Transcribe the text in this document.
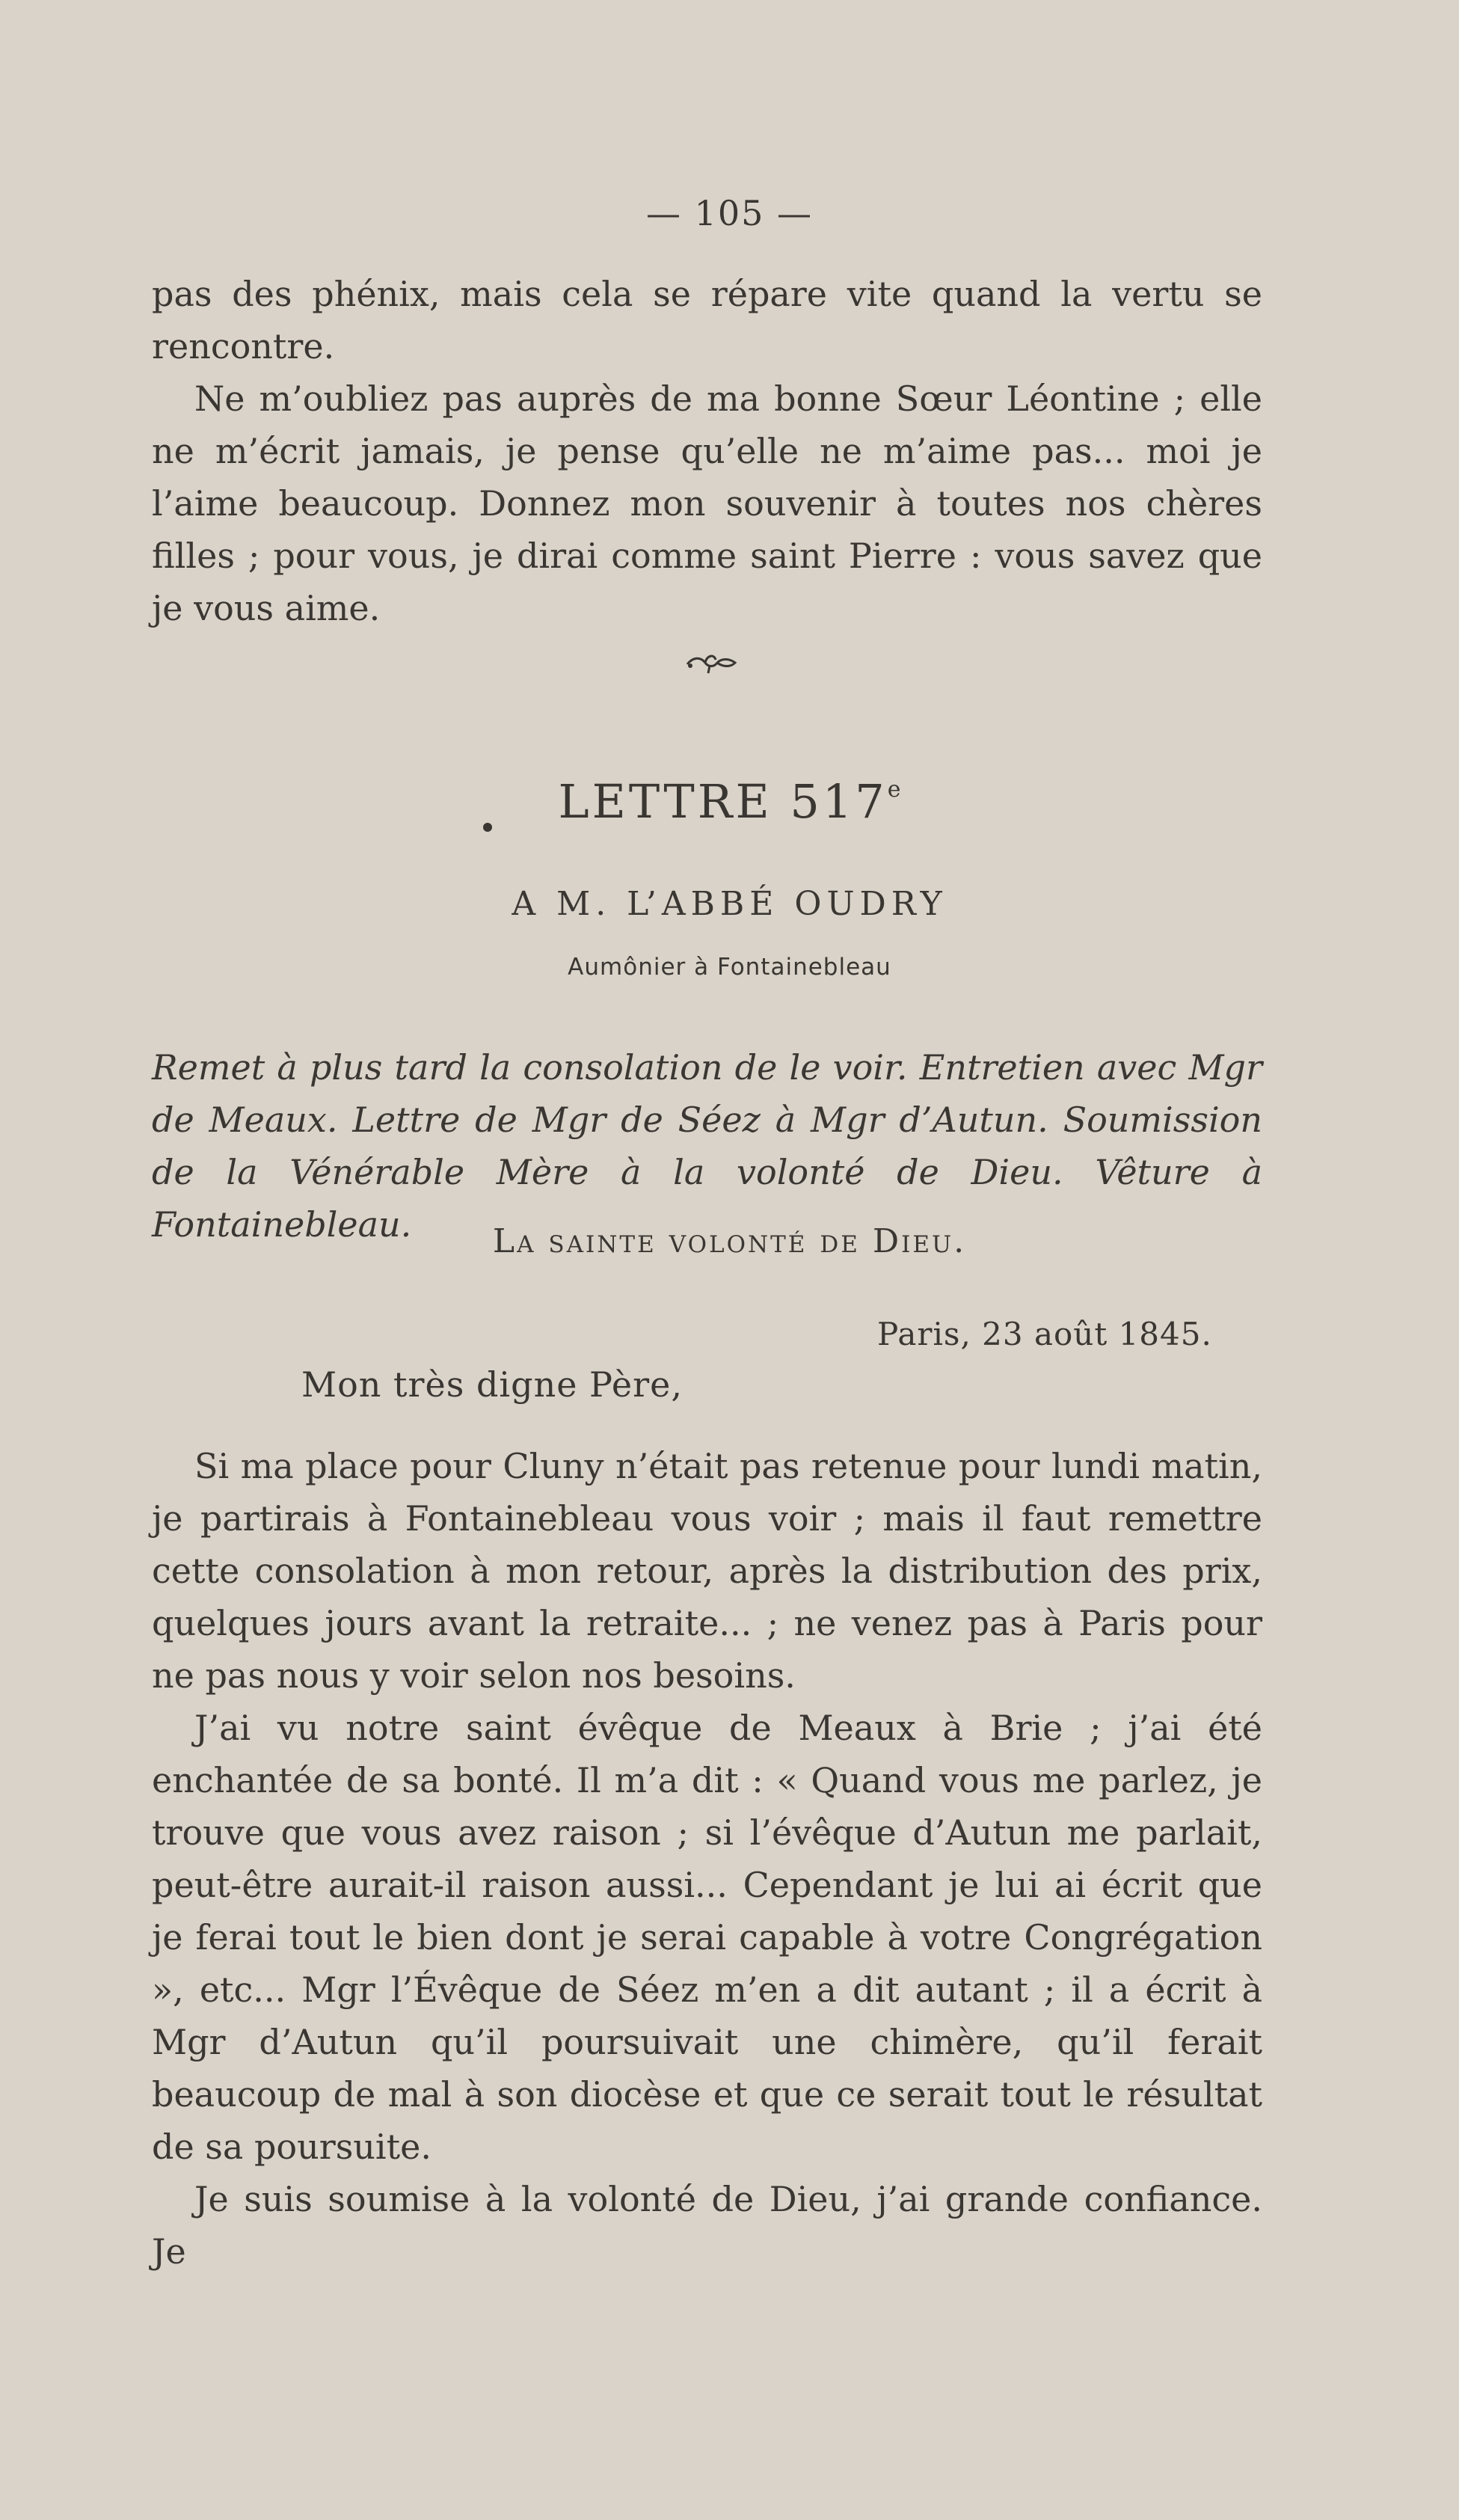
— 105 —

pas des phénix, mais cela se répare vite quand la vertu se rencontre.

Ne m’oubliez pas auprès de ma bonne Sœur Léontine ; elle ne m’écrit jamais, je pense qu’elle ne m’aime pas... moi je l’aime beaucoup. Donnez mon souvenir à toutes nos chères filles ; pour vous, je dirai comme saint Pierre : vous savez que je vous aime.

LETTRE 517e
A M. L’ABBÉ OUDRY
Aumônier à Fontainebleau

Remet à plus tard la consolation de le voir. Entretien avec Mgr de Meaux. Lettre de Mgr de Séez à Mgr d’Autun. Soumission de la Vénérable Mère à la volonté de Dieu. Vêture à Fontainebleau.	La sainte volonté de Dieu.
Paris, 23 août 1845.
Mon très digne Père,

Si ma place pour Cluny n’était pas retenue pour lundi matin, je partirais à Fontainebleau vous voir ; mais il faut remettre cette consolation à mon retour, après la distribution des prix, quelques jours avant la retraite... ; ne venez pas à Paris pour ne pas nous y voir selon nos besoins.

J’ai vu notre saint évêque de Meaux à Brie ; j’ai été enchantée de sa bonté. Il m’a dit : « Quand vous me parlez, je trouve que vous avez raison ; si l’évêque d’Autun me parlait, peut-être aurait-il raison aussi... Cependant je lui ai écrit que je ferai tout le bien dont je serai capable à votre Congrégation », etc... Mgr l’Évêque de Séez m’en a dit autant ; il a écrit à Mgr d’Autun qu’il poursuivait une chimère, qu’il ferait beaucoup de mal à son diocèse et que ce serait tout le résultat de sa poursuite.

Je suis soumise à la volonté de Dieu, j’ai grande confiance. Je
